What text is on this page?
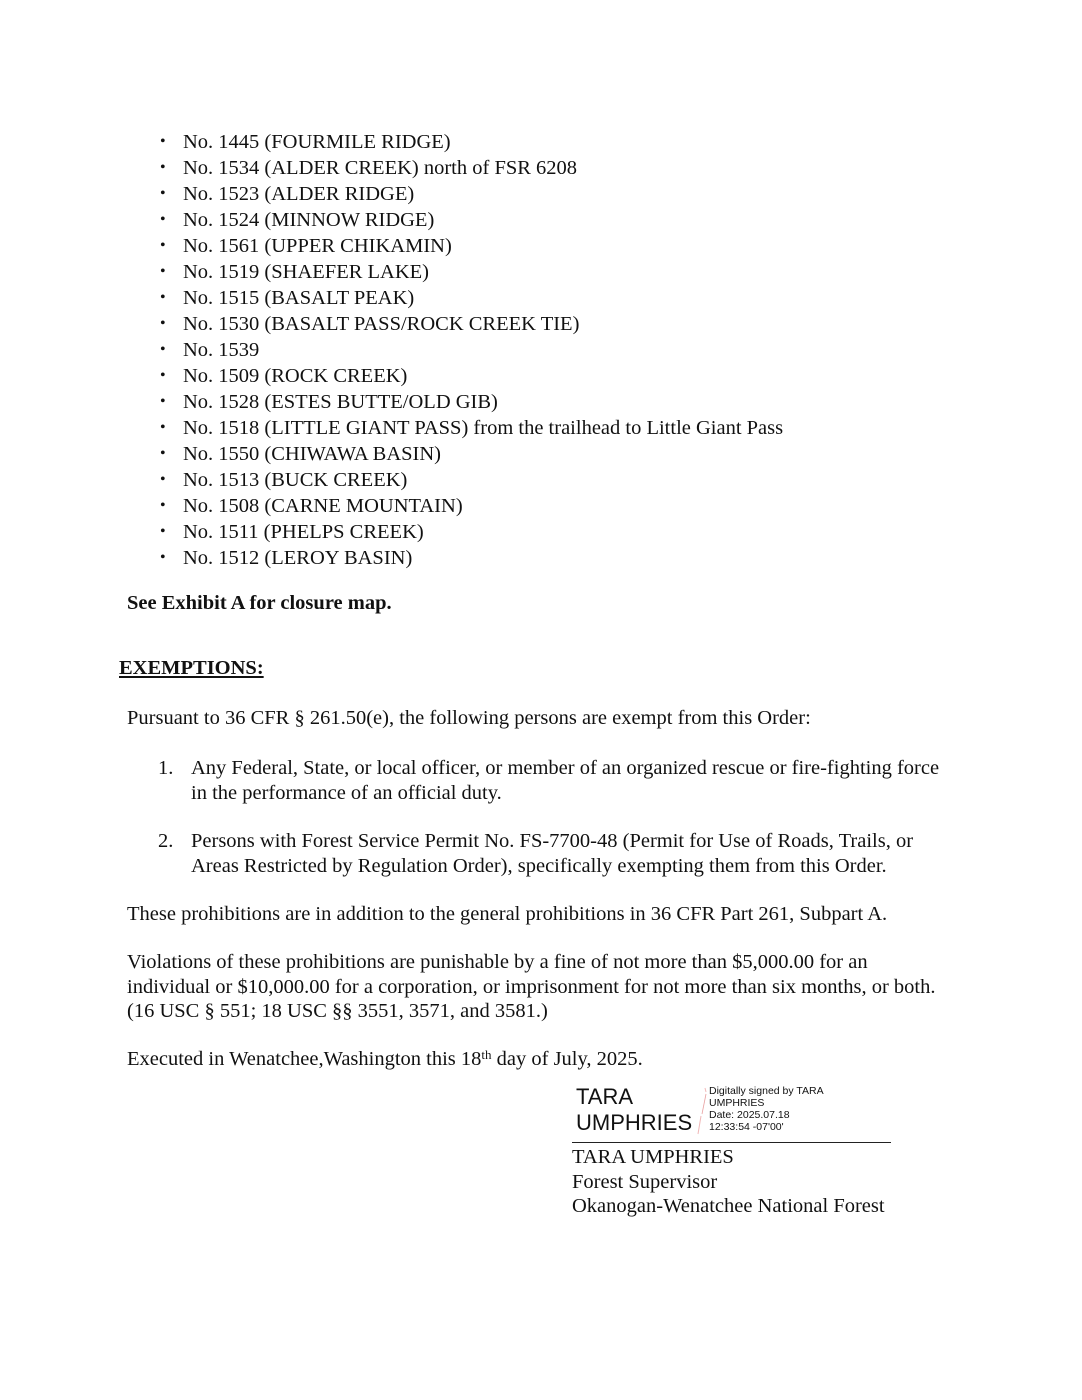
• No. 1445 (FOURMILE RIDGE)
• No. 1534 (ALDER CREEK) north of FSR 6208
• No. 1523 (ALDER RIDGE)
• No. 1524 (MINNOW RIDGE)
• No. 1561 (UPPER CHIKAMIN)
• No. 1519 (SHAEFER LAKE)
• No. 1515 (BASALT PEAK)
• No. 1530 (BASALT PASS/ROCK CREEK TIE)
• No. 1539
• No. 1509 (ROCK CREEK)
• No. 1528 (ESTES BUTTE/OLD GIB)
• No. 1518 (LITTLE GIANT PASS) from the trailhead to Little Giant Pass
• No. 1550 (CHIWAWA BASIN)
• No. 1513 (BUCK CREEK)
• No. 1508 (CARNE MOUNTAIN)
• No. 1511 (PHELPS CREEK)
• No. 1512 (LEROY BASIN)
See Exhibit A for closure map.
EXEMPTIONS:
Pursuant to 36 CFR § 261.50(e), the following persons are exempt from this Order:
1. Any Federal, State, or local officer, or member of an organized rescue or fire-fighting force in the performance of an official duty.
2. Persons with Forest Service Permit No. FS-7700-48 (Permit for Use of Roads, Trails, or Areas Restricted by Regulation Order), specifically exempting them from this Order.
These prohibitions are in addition to the general prohibitions in 36 CFR Part 261, Subpart A.
Violations of these prohibitions are punishable by a fine of not more than $5,000.00 for an individual or $10,000.00 for a corporation, or imprisonment for not more than six months, or both. (16 USC § 551; 18 USC §§ 3551, 3571, and 3581.)
Executed in Wenatchee,Washington this 18th day of July, 2025.
TARA
UMPHRIES
Digitally signed by TARA
UMPHRIES
Date: 2025.07.18
12:33:54 -07'00'
TARA UMPHRIES
Forest Supervisor
Okanogan-Wenatchee National Forest
